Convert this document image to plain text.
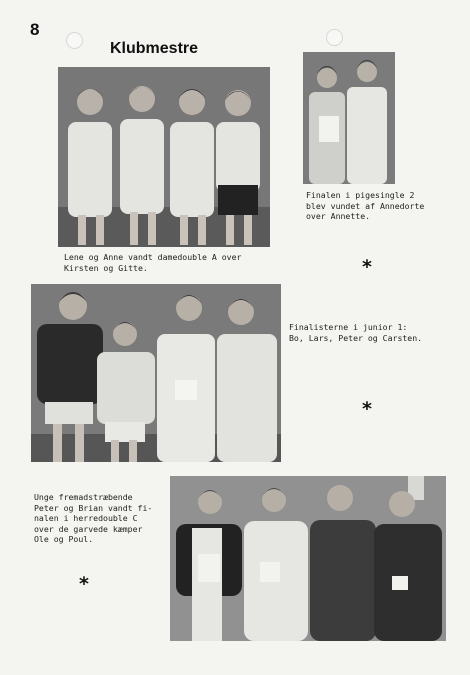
8
Klubmestre

Lene og Anne vandt damedouble A over
Kirsten og Gitte.

Finalen i pigesingle 2
blev vundet af Annedorte
over Annette.

*

Finalisterne i junior 1:
Bo, Lars, Peter og Carsten.

*

Unge fremadstræbende
Peter og Brian vandt fi-
nalen i herredouble C
over de garvede kæmper
Ole og Poul.

*
